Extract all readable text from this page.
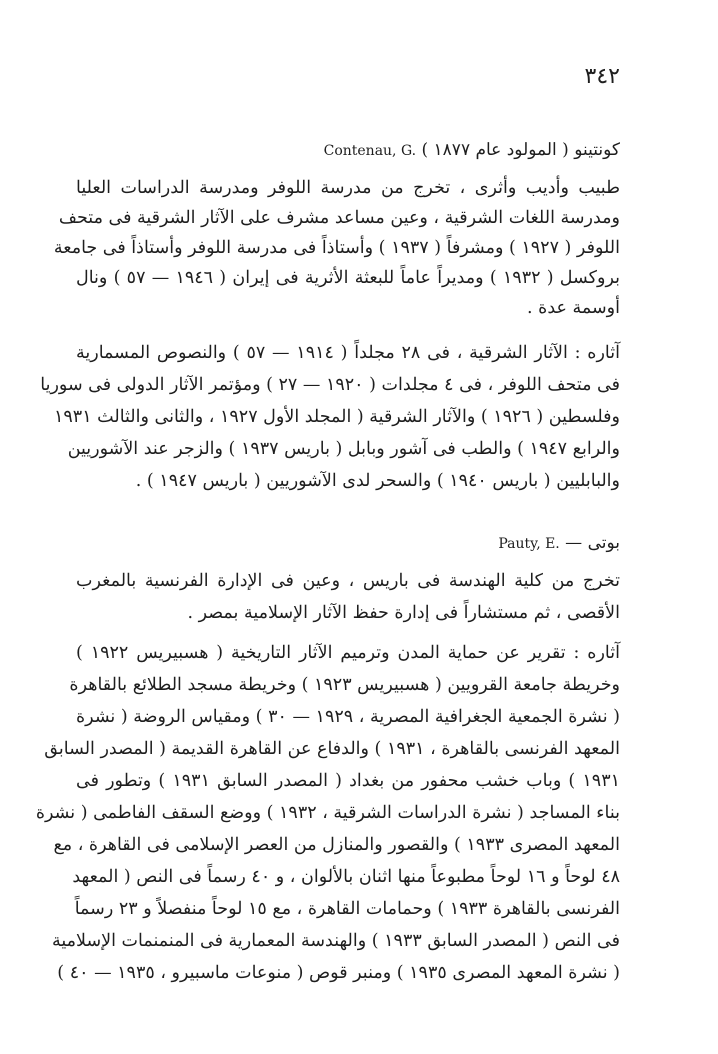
٣٤٢
كونتينو ( المولود عام ١٨٧٧ ) Contenau, G.
طبيب وأديب وأثرى ، تخرج من مدرسة اللوفر ومدرسة الدراسات العليا
ومدرسة اللغات الشرقية ، وعين مساعد مشرف على الآثار الشرقية فى متحف
اللوفر ( ١٩٢٧ ) ومشرفاً ( ١٩٣٧ ) وأستاذاً فى مدرسة اللوفر وأستاذاً فى جامعة
بروكسل ( ١٩٣٢ ) ومديراً عاماً للبعثة الأثرية فى إيران ( ١٩٤٦ — ٥٧ ) ونال
أوسمة عدة .
آثاره : الآثار الشرقية ، فى ٢٨ مجلداً ( ١٩١٤ — ٥٧ ) والنصوص المسمارية
فى متحف اللوفر ، فى ٤ مجلدات ( ١٩٢٠ — ٢٧ ) ومؤتمر الآثار الدولى فى سوريا
وفلسطين ( ١٩٢٦ ) والآثار الشرقية ( المجلد الأول ١٩٢٧ ، والثانى والثالث ١٩٣١
والرابع ١٩٤٧ ) والطب فى آشور وبابل ( باريس ١٩٣٧ ) والزجر عند الآشوريين
والبابليين ( باريس ١٩٤٠ ) والسحر لدى الآشوريين ( باريس ١٩٤٧ ) .
بوتى — Pauty, E.
تخرج من كلية الهندسة فى باريس ، وعين فى الإدارة الفرنسية بالمغرب
الأقصى ، ثم مستشاراً فى إدارة حفظ الآثار الإسلامية بمصر .
آثاره : تقرير عن حماية المدن وترميم الآثار التاريخية ( هسبيريس ١٩٢٢ )
وخريطة جامعة القرويين ( هسبيريس ١٩٢٣ ) وخريطة مسجد الطلائع بالقاهرة
( نشرة الجمعية الجغرافية المصرية ، ١٩٢٩ — ٣٠ ) ومقياس الروضة ( نشرة
المعهد الفرنسى بالقاهرة ، ١٩٣١ ) والدفاع عن القاهرة القديمة ( المصدر السابق
١٩٣١ ) وباب خشب محفور من بغداد ( المصدر السابق ١٩٣١ ) وتطور فى
بناء المساجد ( نشرة الدراسات الشرقية ، ١٩٣٢ ) ووضع السقف الفاطمى ( نشرة
المعهد المصرى ١٩٣٣ ) والقصور والمنازل من العصر الإسلامى فى القاهرة ، مع
٤٨ لوحاً و ١٦ لوحاً مطبوعاً منها اثنان بالألوان ، و ٤٠ رسماً فى النص ( المعهد
الفرنسى بالقاهرة ١٩٣٣ ) وحمامات القاهرة ، مع ١٥ لوحاً منفصلاً و ٢٣ رسماً
فى النص ( المصدر السابق ١٩٣٣ ) والهندسة المعمارية فى المنمنمات الإسلامية
( نشرة المعهد المصرى ١٩٣٥ ) ومنبر قوص ( منوعات ماسبيرو ، ١٩٣٥ — ٤٠ )
